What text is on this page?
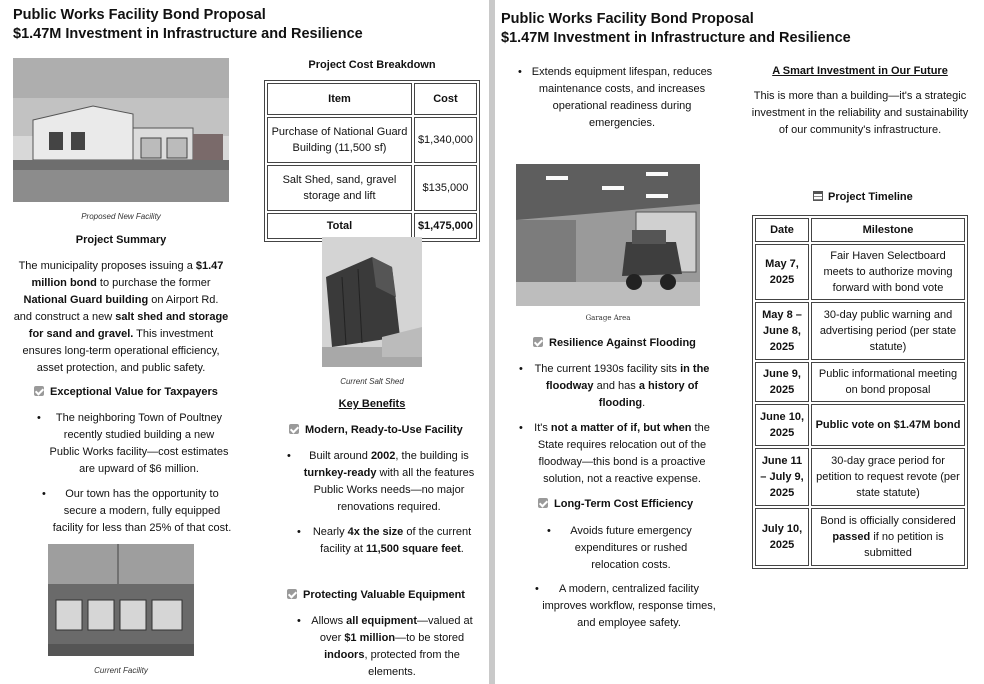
Public Works Facility Bond Proposal
$1.47M Investment in Infrastructure and Resilience
Proposed New Facility
Project Summary
The municipality proposes issuing a $1.47 million bond to purchase the former National Guard building on Airport Rd. and construct a new salt shed and storage for sand and gravel. This investment ensures long-term operational efficiency, asset protection, and public safety.
Exceptional Value for Taxpayers
•	The neighboring Town of Poultney recently studied building a new Public Works facility—cost estimates are upward of $6 million.
•	Our town has the opportunity to secure a modern, fully equipped facility for less than 25% of that cost.
Current Facility
Project Cost Breakdown
Item	Cost
Purchase of National Guard Building (11,500 sf)	$1,340,000
Salt Shed, sand, gravel storage and lift	$135,000
Total	$1,475,000
Current Salt Shed
Key Benefits
Modern, Ready-to-Use Facility
•	Built around 2002, the building is turnkey-ready with all the features Public Works needs—no major renovations required.
•	Nearly 4x the size of the current facility at 11,500 square feet.
Protecting Valuable Equipment
• Allows all equipment—valued at over $1 million—to be stored indoors, protected from the elements.
Public Works Facility Bond Proposal
$1.47M Investment in Infrastructure and Resilience
• Extends equipment lifespan, reduces maintenance costs, and increases operational readiness during emergencies.
Garage Area
Resilience Against Flooding
•	The current 1930s facility sits in the floodway and has a history of flooding.
•	It's not a matter of if, but when the State requires relocation out of the floodway—this bond is a proactive solution, not a reactive expense.
Long-Term Cost Efficiency
•	Avoids future emergency expenditures or rushed relocation costs.
•	A modern, centralized facility improves workflow, response times, and employee safety.
A Smart Investment in Our Future
This is more than a building—it's a strategic investment in the reliability and sustainability of our community's infrastructure.
Project Timeline
Date	Milestone
May 7, 2025	Fair Haven Selectboard meets to authorize moving forward with bond vote
May 8 – June 8, 2025	30-day public warning and advertising period (per state statute)
June 9, 2025	Public informational meeting on bond proposal
June 10, 2025	Public vote on $1.47M bond
June 11 – July 9, 2025	30-day grace period for petition to request revote (per state statute)
July 10, 2025	Bond is officially considered passed if no petition is submitted
